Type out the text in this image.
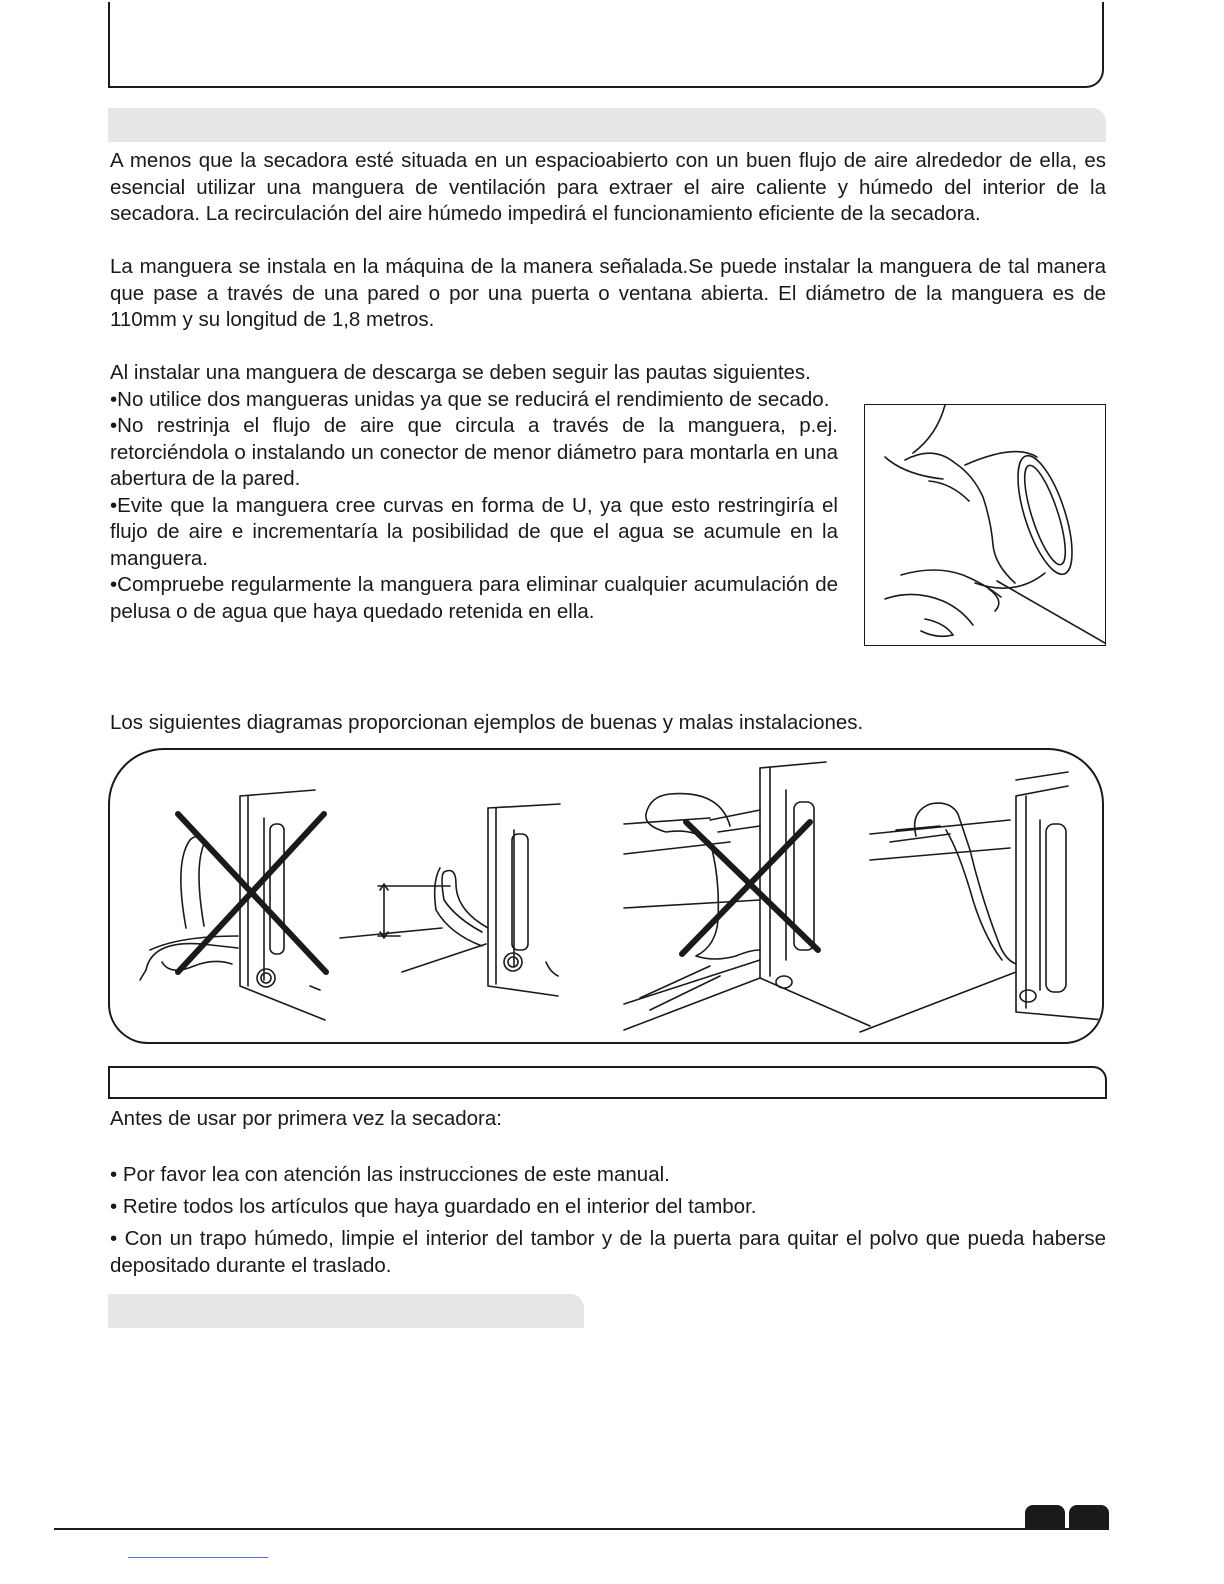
A menos que la secadora esté situada en un espacioabierto con un buen flujo de aire alrededor de ella, es esencial utilizar una manguera de ventilación para extraer el aire caliente y húmedo del interior de la secadora. La recirculación del aire húmedo impedirá el funcionamiento eficiente de la secadora.

La manguera se instala en la máquina de la manera señalada.Se puede instalar la manguera de tal manera que pase a través de una pared o por una puerta o ventana abierta. El diámetro de la manguera es de 110mm y su longitud de 1,8 metros.

Al instalar una manguera de descarga se deben seguir las pautas siguientes.
•No utilice dos mangueras unidas ya que se reducirá el rendimiento de secado.
•No restrinja el flujo de aire que circula a través de la manguera, p.ej. retorciéndola o instalando un conector de menor diámetro para montarla en una abertura de la pared.
•Evite que la manguera cree curvas en forma de U, ya que esto restringiría el flujo de aire e incrementaría la posibilidad de que el agua se acumule en la manguera.
•Compruebe regularmente la manguera para eliminar cualquier acumulación de pelusa o de agua que haya quedado retenida en ella.

Los siguientes diagramas proporcionan ejemplos de buenas y malas instalaciones.

Antes de usar por primera vez la secadora:

• Por favor lea con atención las instrucciones de este manual.

• Retire todos los artículos que haya guardado en el interior del tambor.

• Con un trapo húmedo, limpie el interior del tambor y de la puerta para quitar el polvo que pueda haberse depositado durante el traslado.
